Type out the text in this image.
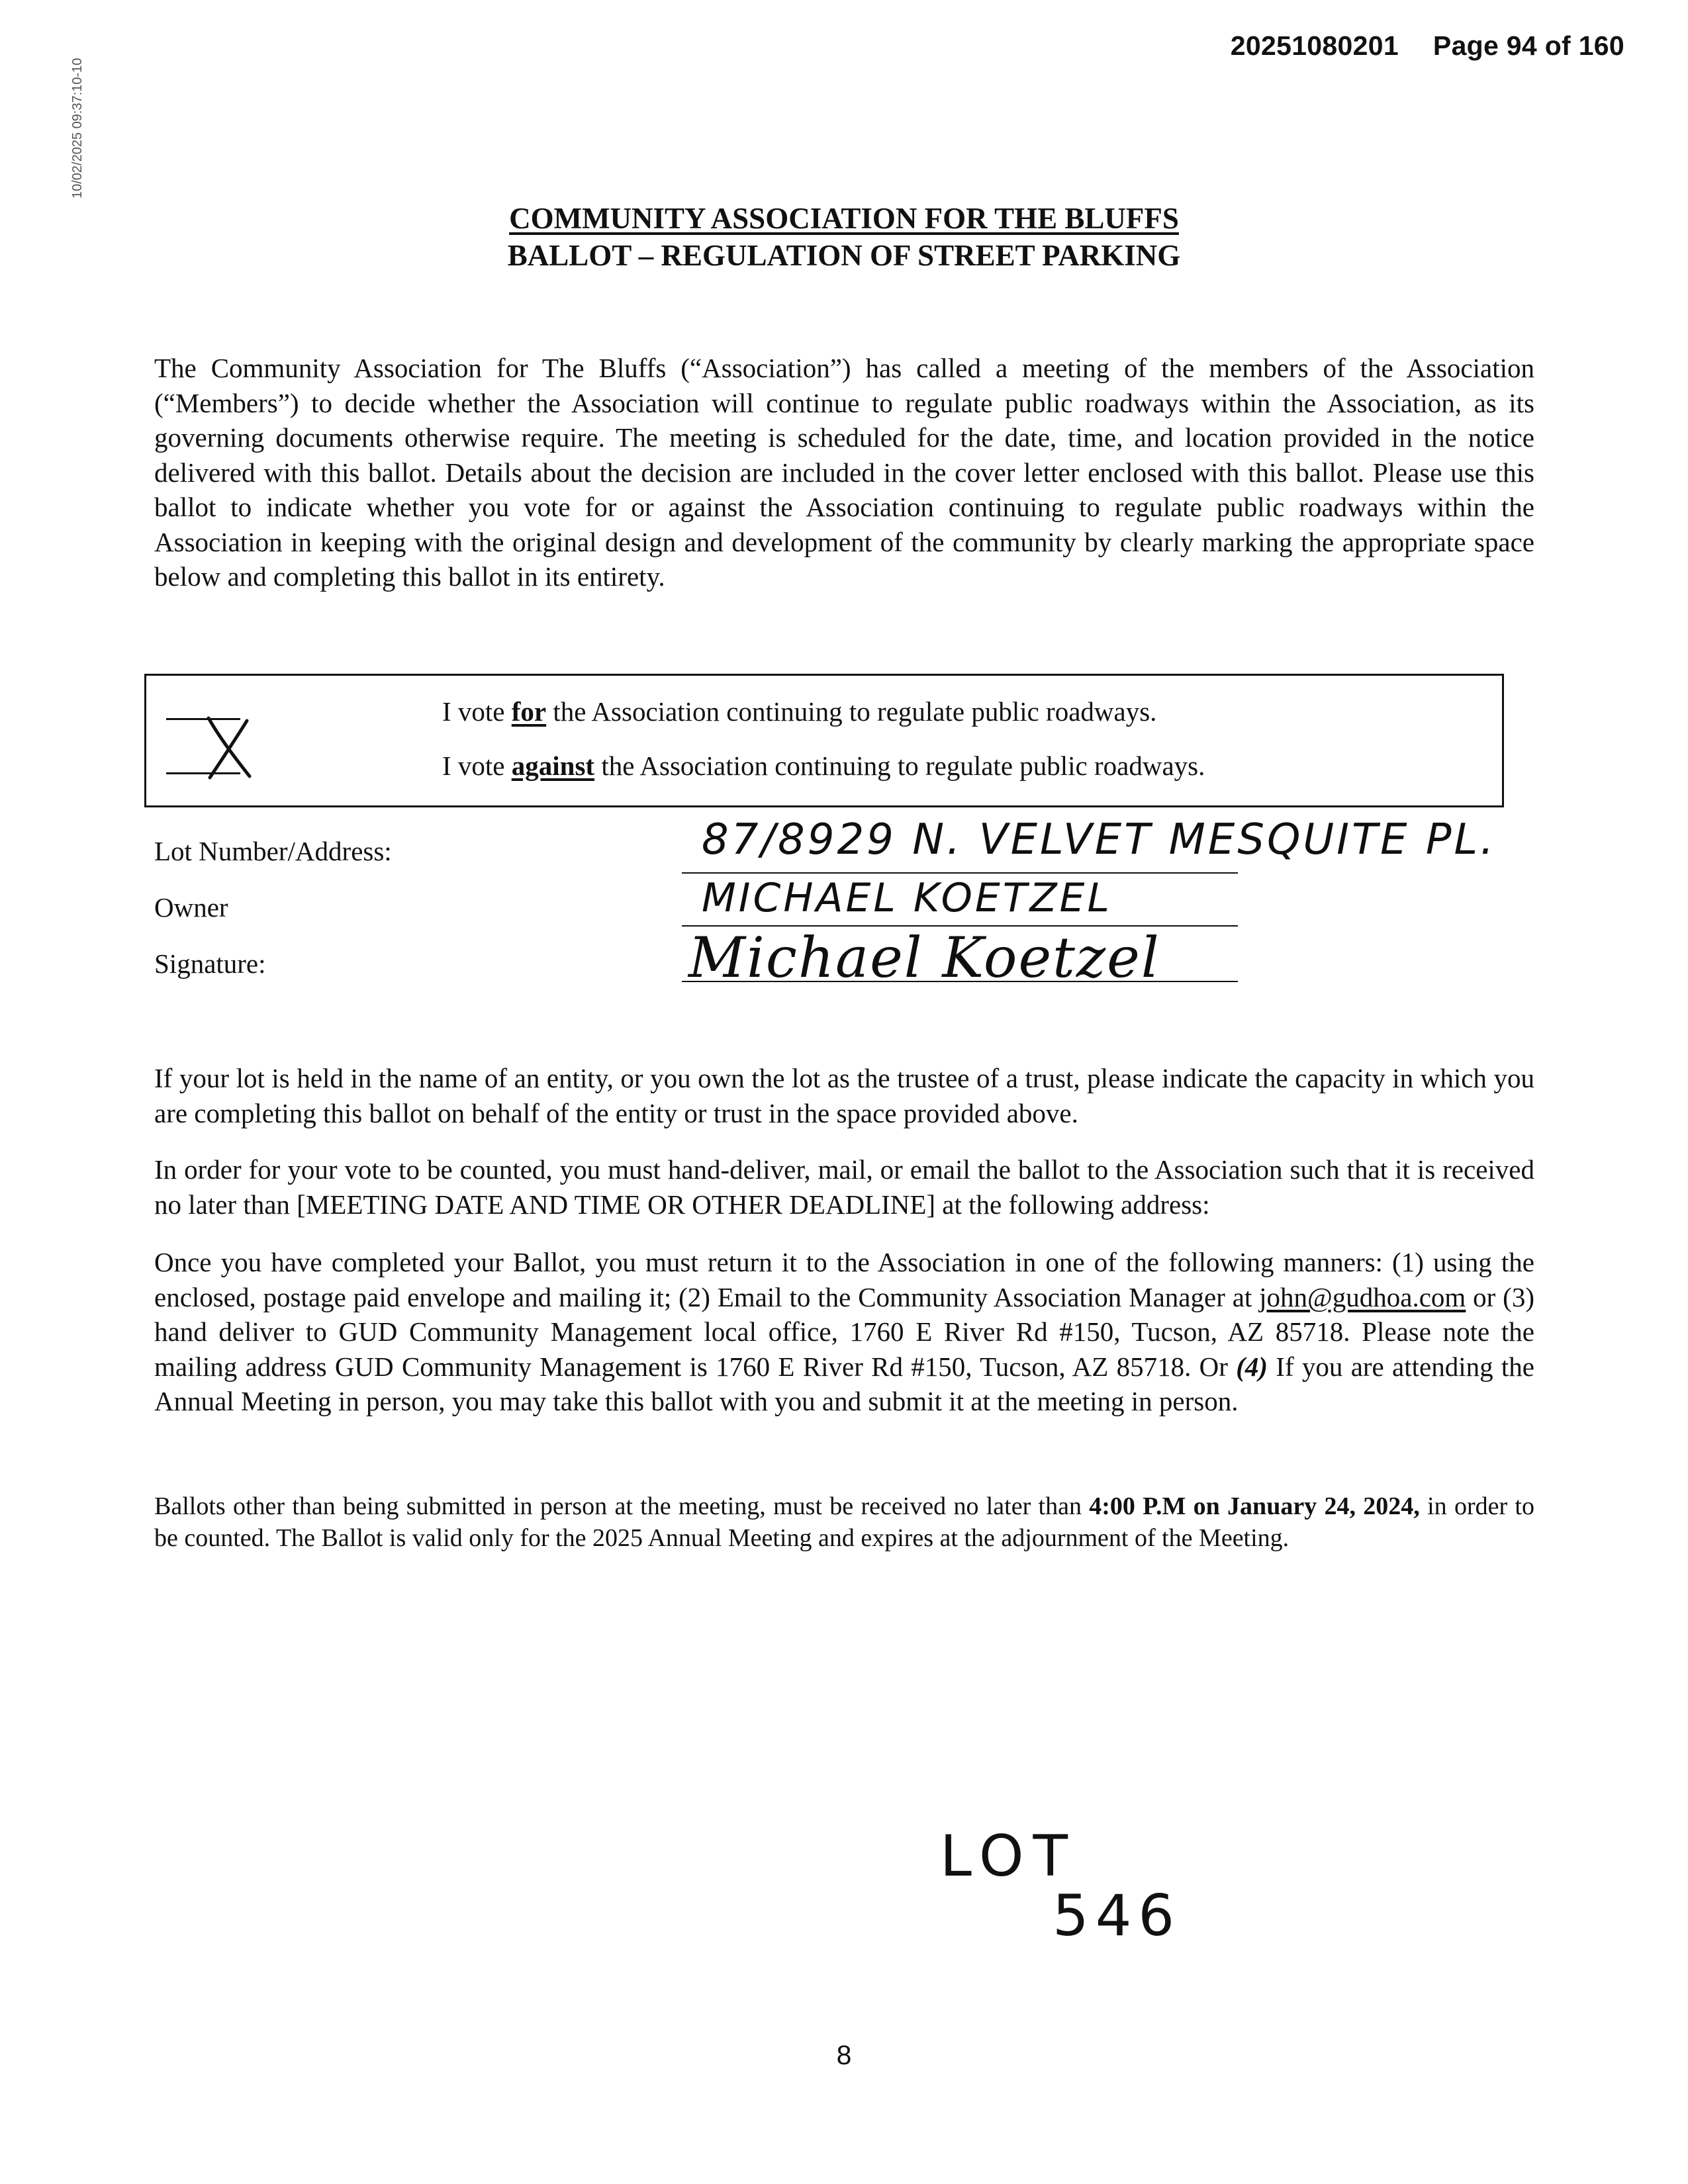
20251080201 Page 94 of 160
10/02/2025 09:37:10-10
COMMUNITY ASSOCIATION FOR THE BLUFFS
BALLOT – REGULATION OF STREET PARKING
The Community Association for The Bluffs (“Association”) has called a meeting of the members of the Association (“Members”) to decide whether the Association will continue to regulate public roadways within the Association, as its governing documents otherwise require. The meeting is scheduled for the date, time, and location provided in the notice delivered with this ballot. Details about the decision are included in the cover letter enclosed with this ballot. Please use this ballot to indicate whether you vote for or against the Association continuing to regulate public roadways within the Association in keeping with the original design and development of the community by clearly marking the appropriate space below and completing this ballot in its entirety.
I vote for the Association continuing to regulate public roadways.
I vote against the Association continuing to regulate public roadways.
Lot Number/Address:	87/8929 N. VELVET MESQUITE PL.
Owner	MICHAEL KOETZEL
Signature:	Michael Koetzel
If your lot is held in the name of an entity, or you own the lot as the trustee of a trust, please indicate the capacity in which you are completing this ballot on behalf of the entity or trust in the space provided above.
In order for your vote to be counted, you must hand-deliver, mail, or email the ballot to the Association such that it is received no later than [MEETING DATE AND TIME OR OTHER DEADLINE] at the following address:
Once you have completed your Ballot, you must return it to the Association in one of the following manners: (1) using the enclosed, postage paid envelope and mailing it; (2) Email to the Community Association Manager at john@gudhoa.com or (3) hand deliver to GUD Community Management local office, 1760 E River Rd #150, Tucson, AZ 85718. Please note the mailing address GUD Community Management is 1760 E River Rd #150, Tucson, AZ 85718. Or (4) If you are attending the Annual Meeting in person, you may take this ballot with you and submit it at the meeting in person.
Ballots other than being submitted in person at the meeting, must be received no later than 4:00 P.M on January 24, 2024, in order to be counted. The Ballot is valid only for the 2025 Annual Meeting and expires at the adjournment of the Meeting.
LOT
546
8
